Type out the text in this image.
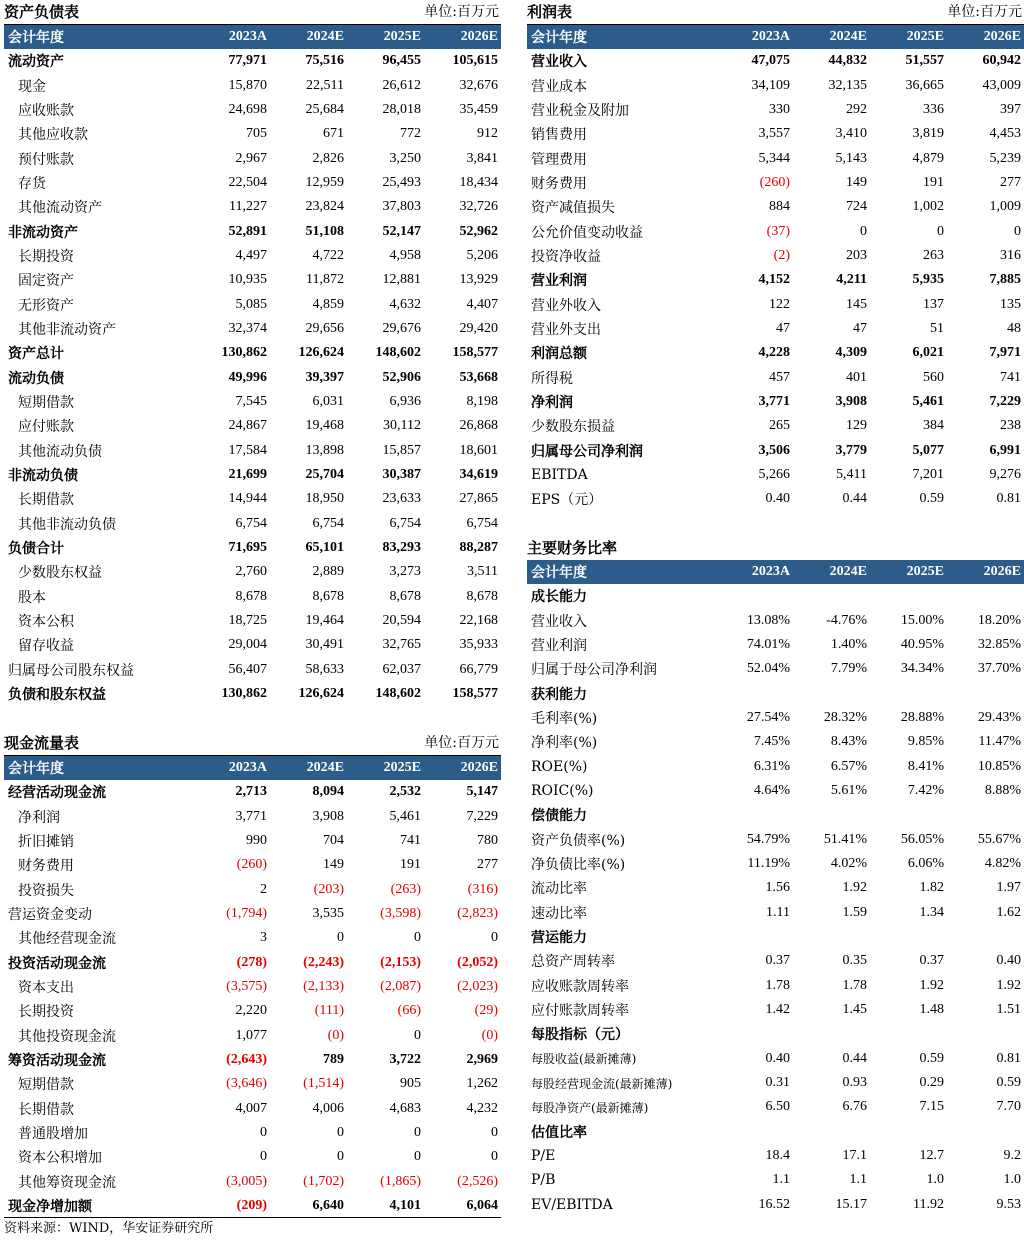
资产负债表	单位:百万元
会计年度	2023A	2024E	2025E	2026E
流动资产	77,971	75,516	96,455	105,615
现金	15,870	22,511	26,612	32,676
应收账款	24,698	25,684	28,018	35,459
其他应收款	705	671	772	912
预付账款	2,967	2,826	3,250	3,841
存货	22,504	12,959	25,493	18,434
其他流动资产	11,227	23,824	37,803	32,726
非流动资产	52,891	51,108	52,147	52,962
长期投资	4,497	4,722	4,958	5,206
固定资产	10,935	11,872	12,881	13,929
无形资产	5,085	4,859	4,632	4,407
其他非流动资产	32,374	29,656	29,676	29,420
资产总计	130,862	126,624	148,602	158,577
流动负债	49,996	39,397	52,906	53,668
短期借款	7,545	6,031	6,936	8,198
应付账款	24,867	19,468	30,112	26,868
其他流动负债	17,584	13,898	15,857	18,601
非流动负债	21,699	25,704	30,387	34,619
长期借款	14,944	18,950	23,633	27,865
其他非流动负债	6,754	6,754	6,754	6,754
负债合计	71,695	65,101	83,293	88,287
少数股东权益	2,760	2,889	3,273	3,511
股本	8,678	8,678	8,678	8,678
资本公积	18,725	19,464	20,594	22,168
留存收益	29,004	30,491	32,765	35,933
归属母公司股东权益	56,407	58,633	62,037	66,779
负债和股东权益	130,862	126,624	148,602	158,577
现金流量表	单位:百万元
会计年度	2023A	2024E	2025E	2026E
经营活动现金流	2,713	8,094	2,532	5,147
净利润	3,771	3,908	5,461	7,229
折旧摊销	990	704	741	780
财务费用	(260)	149	191	277
投资损失	2	(203)	(263)	(316)
营运资金变动	(1,794)	3,535	(3,598)	(2,823)
其他经营现金流	3	0	0	0
投资活动现金流	(278)	(2,243)	(2,153)	(2,052)
资本支出	(3,575)	(2,133)	(2,087)	(2,023)
长期投资	2,220	(111)	(66)	(29)
其他投资现金流	1,077	(0)	0	(0)
筹资活动现金流	(2,643)	789	3,722	2,969
短期借款	(3,646)	(1,514)	905	1,262
长期借款	4,007	4,006	4,683	4,232
普通股增加	0	0	0	0
资本公积增加	0	0	0	0
其他筹资现金流	(3,005)	(1,702)	(1,865)	(2,526)
现金净增加额	(209)	6,640	4,101	6,064
利润表	单位:百万元
会计年度	2023A	2024E	2025E	2026E
营业收入	47,075	44,832	51,557	60,942
营业成本	34,109	32,135	36,665	43,009
营业税金及附加	330	292	336	397
销售费用	3,557	3,410	3,819	4,453
管理费用	5,344	5,143	4,879	5,239
财务费用	(260)	149	191	277
资产减值损失	884	724	1,002	1,009
公允价值变动收益	(37)	0	0	0
投资净收益	(2)	203	263	316
营业利润	4,152	4,211	5,935	7,885
营业外收入	122	145	137	135
营业外支出	47	47	51	48
利润总额	4,228	4,309	6,021	7,971
所得税	457	401	560	741
净利润	3,771	3,908	5,461	7,229
少数股东损益	265	129	384	238
归属母公司净利润	3,506	3,779	5,077	6,991
EBITDA	5,266	5,411	7,201	9,276
EPS（元）	0.40	0.44	0.59	0.81
主要财务比率
会计年度	2023A	2024E	2025E	2026E
成长能力
营业收入	13.08%	-4.76%	15.00%	18.20%
营业利润	74.01%	1.40%	40.95%	32.85%
归属于母公司净利润	52.04%	7.79%	34.34%	37.70%
获利能力
毛利率(%)	27.54%	28.32%	28.88%	29.43%
净利率(%)	7.45%	8.43%	9.85%	11.47%
ROE(%)	6.31%	6.57%	8.41%	10.85%
ROIC(%)	4.64%	5.61%	7.42%	8.88%
偿债能力
资产负债率(%)	54.79%	51.41%	56.05%	55.67%
净负债比率(%)	11.19%	4.02%	6.06%	4.82%
流动比率	1.56	1.92	1.82	1.97
速动比率	1.11	1.59	1.34	1.62
营运能力
总资产周转率	0.37	0.35	0.37	0.40
应收账款周转率	1.78	1.78	1.92	1.92
应付账款周转率	1.42	1.45	1.48	1.51
每股指标（元）
每股收益(最新摊薄)	0.40	0.44	0.59	0.81
每股经营现金流(最新摊薄)	0.31	0.93	0.29	0.59
每股净资产(最新摊薄)	6.50	6.76	7.15	7.70
估值比率
P/E	18.4	17.1	12.7	9.2
P/B	1.1	1.1	1.0	1.0
EV/EBITDA	16.52	15.17	11.92	9.53
资料来源：WIND，华安证券研究所
